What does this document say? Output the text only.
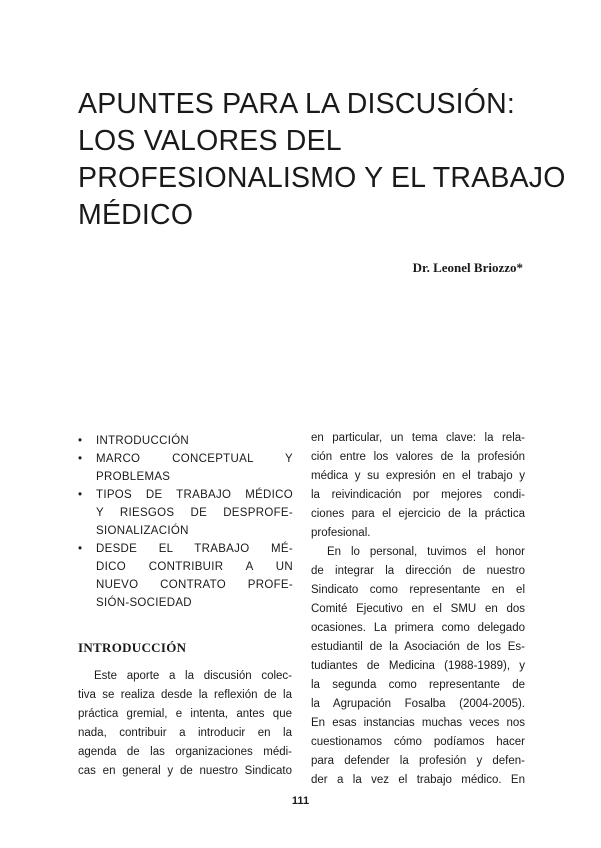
APUNTES PARA LA DISCUSIÓN:
LOS VALORES DEL
PROFESIONALISMO Y EL TRABAJO
MÉDICO
Dr. Leonel Briozzo*
• INTRODUCCIÓN
• MARCO CONCEPTUAL Y
PROBLEMAS
• TIPOS DE TRABAJO MÉDICO
Y RIESGOS DE DESPROFE-
SIONALIZACIÓN
• DESDE EL TRABAJO MÉ-
DICO CONTRIBUIR A UN
NUEVO CONTRATO PROFE-
SIÓN-SOCIEDAD
INTRODUCCIÓN
Este aporte a la discusión colec-
tiva se realiza desde la reflexión de la
práctica gremial, e intenta, antes que
nada, contribuir a introducir en la
agenda de las organizaciones médi-
cas en general y de nuestro Sindicato
en particular, un tema clave: la rela-
ción entre los valores de la profesión
médica y su expresión en el trabajo y
la reivindicación por mejores condi-
ciones para el ejercicio de la práctica
profesional.
En lo personal, tuvimos el honor
de integrar la dirección de nuestro
Sindicato como representante en el
Comité Ejecutivo en el SMU en dos
ocasiones. La primera como delegado
estudiantil de la Asociación de los Es-
tudiantes de Medicina (1988-1989), y
la segunda como representante de
la Agrupación Fosalba (2004-2005).
En esas instancias muchas veces nos
cuestionamos cómo podíamos hacer
para defender la profesión y defen-
der a la vez el trabajo médico. En
111
